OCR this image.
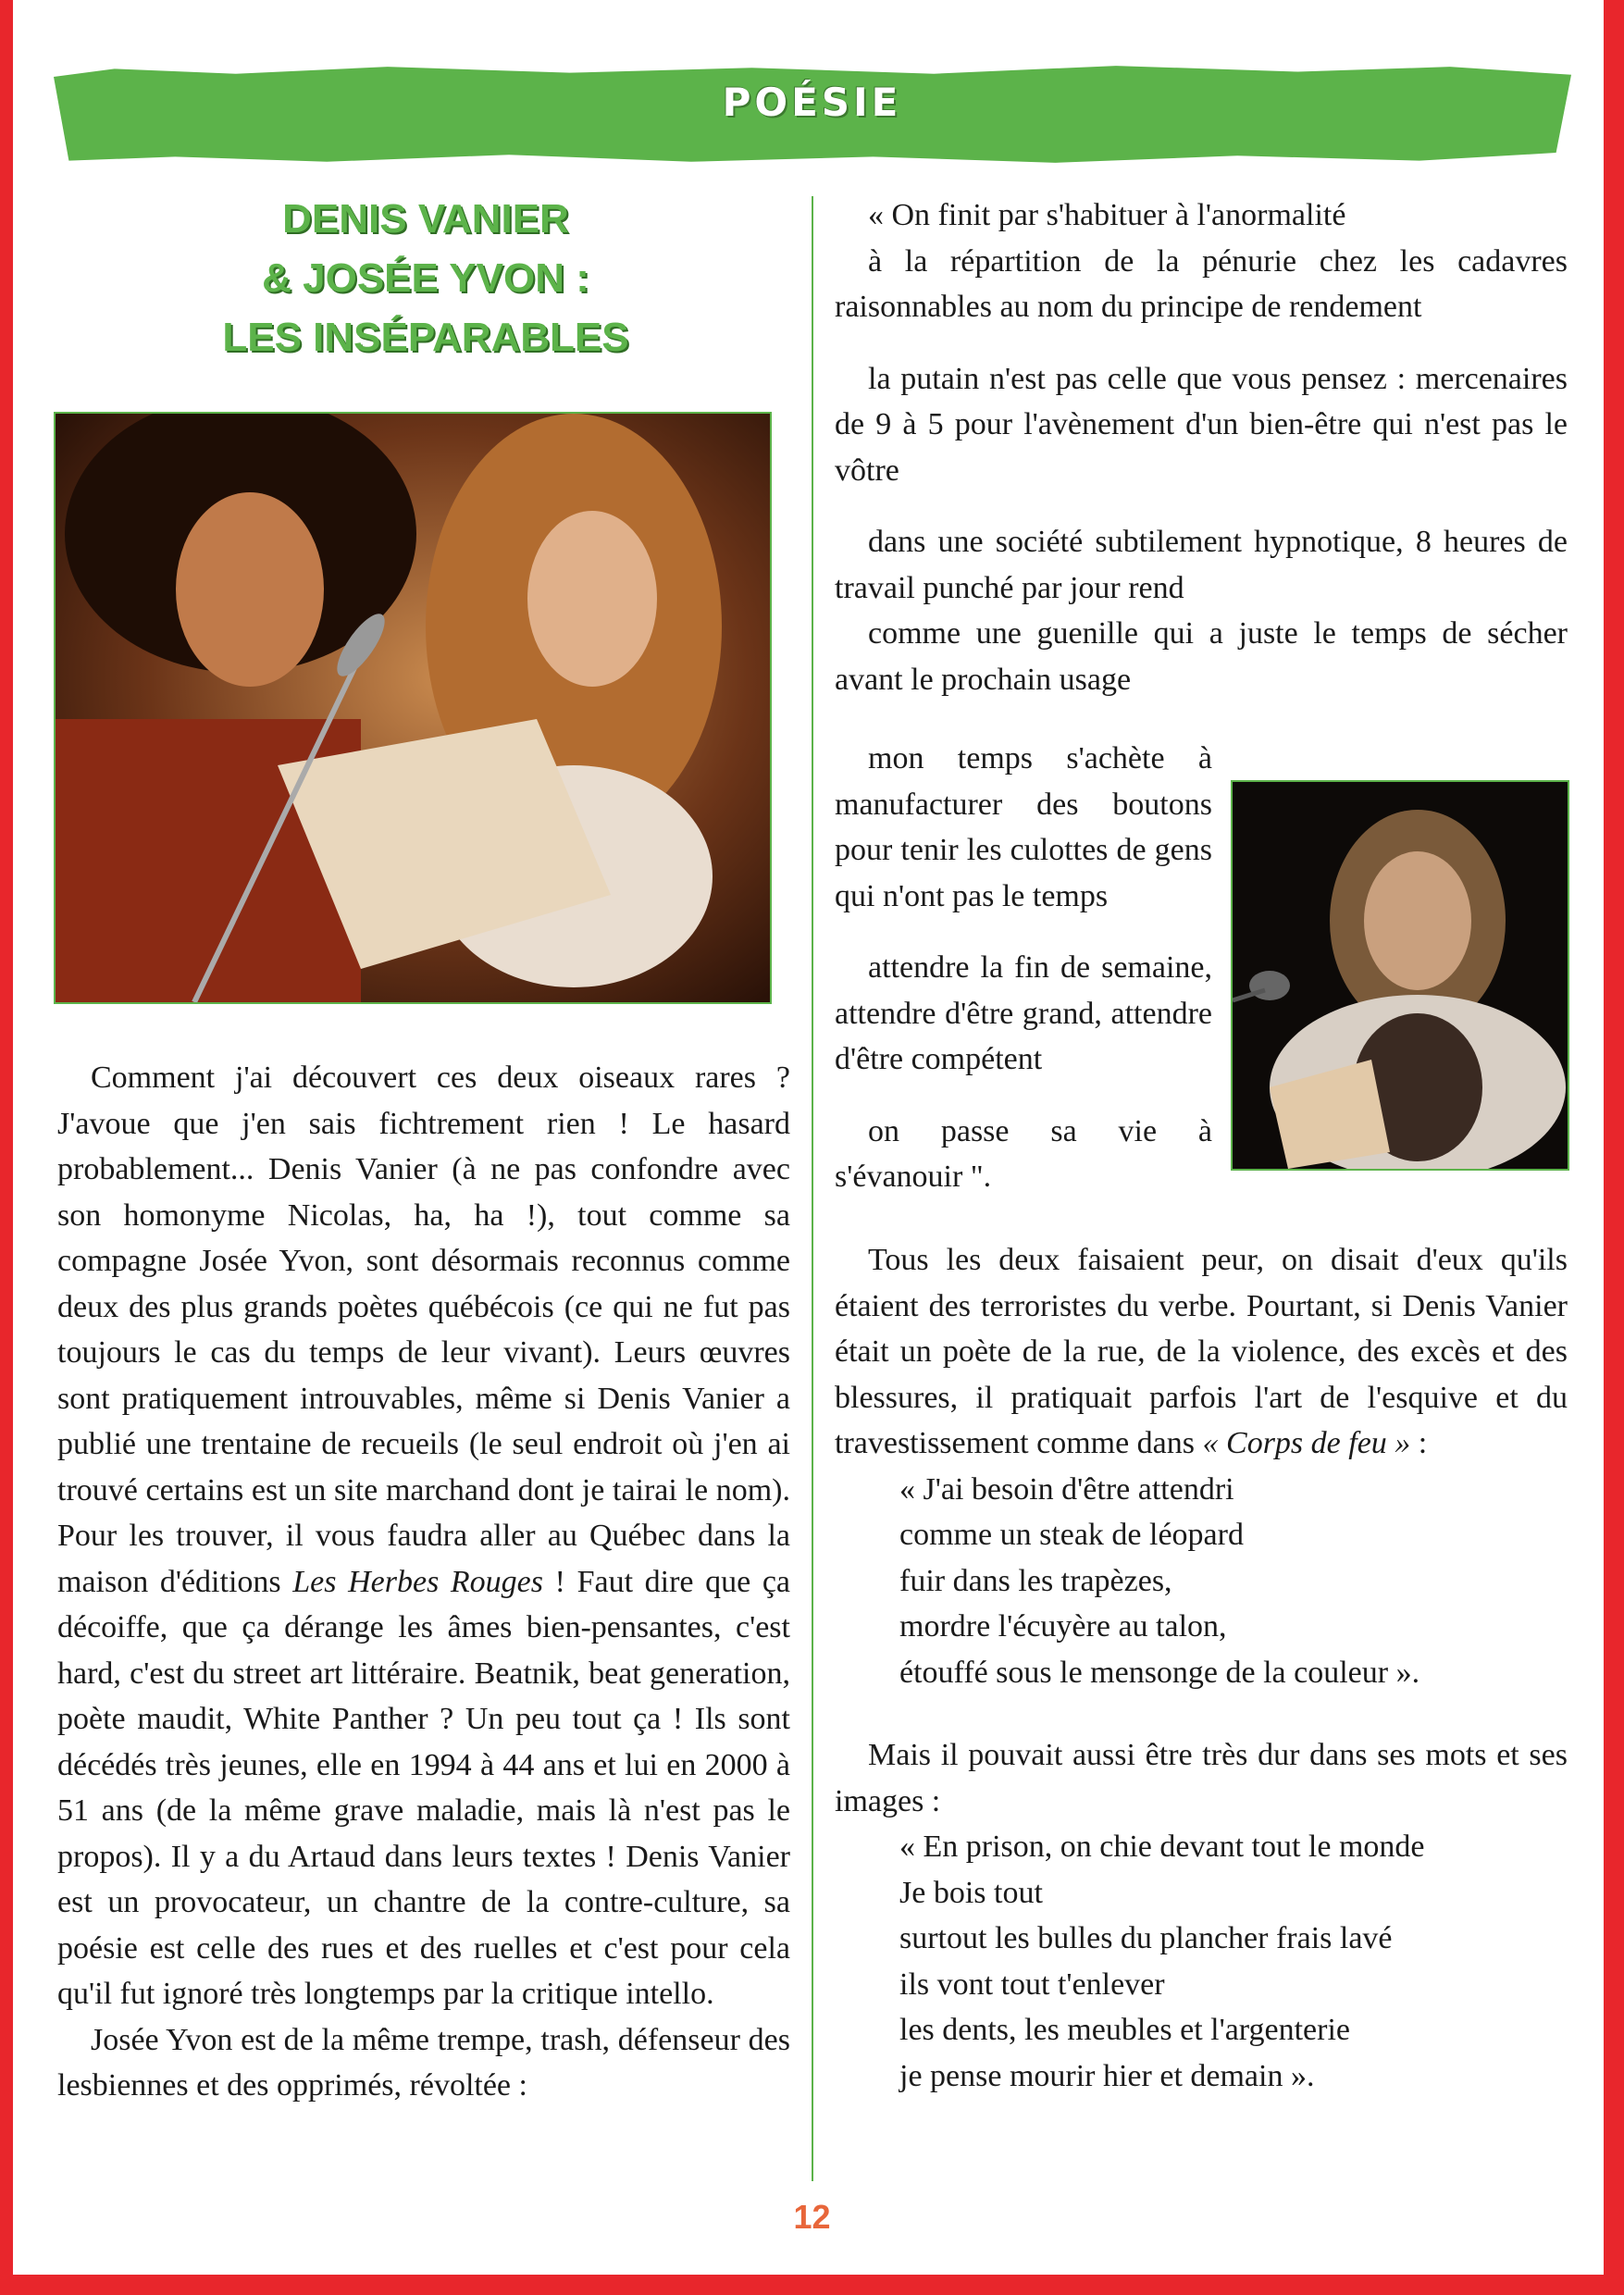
POÉSIE
DENIS VANIER
& JOSÉE YVON :
LES INSÉPARABLES

« On finit par s'habituer à l'anormalité

à la répartition de la pénurie chez les cadavres raisonnables au nom du principe de rendement

la putain n'est pas celle que vous pensez : mercenaires de 9 à 5 pour l'avènement d'un bien-être qui n'est pas le vôtre

dans une société subtilement hypnotique, 8 heures de travail punché par jour rend

comme une guenille qui a juste le temps de sécher avant le prochain usage

mon temps s'achète à manufacturer des boutons pour tenir les culottes de gens qui n'ont pas le temps

attendre la fin de semaine, attendre d'être grand, attendre d'être compétent

on passe sa vie à s'évanouir ".

Tous les deux faisaient peur, on disait d'eux qu'ils étaient des terroristes du verbe. Pourtant, si Denis Vanier était un poète de la rue, de la violence, des excès et des blessures, il pratiquait parfois l'art de l'esquive et du travestissement comme dans « Corps de feu » :

« J'ai besoin d'être attendri
comme un steak de léopard
fuir dans les trapèzes,
mordre l'écuyère au talon,
étouffé sous le mensonge de la couleur ».

Mais il pouvait aussi être très dur dans ses mots et ses images :

« En prison, on chie devant tout le monde
Je bois tout
surtout les bulles du plancher frais lavé
ils vont tout t'enlever
les dents, les meubles et l'argenterie
je pense mourir hier et demain ».

Comment j'ai découvert ces deux oiseaux rares ? J'avoue que j'en sais fichtrement rien ! Le hasard probablement... Denis Vanier (à ne pas confondre avec son homonyme Nicolas, ha, ha !), tout comme sa compagne Josée Yvon, sont désormais reconnus comme deux des plus grands poètes québécois (ce qui ne fut pas toujours le cas du temps de leur vivant). Leurs œuvres sont pratiquement introuvables, même si Denis Vanier a publié une trentaine de recueils (le seul endroit où j'en ai trouvé certains est un site marchand dont je tairai le nom). Pour les trouver, il vous faudra aller au Québec dans la maison d'éditions Les Herbes Rouges ! Faut dire que ça décoiffe, que ça dérange les âmes bien-pensantes, c'est hard, c'est du street art littéraire. Beatnik, beat generation, poète maudit, White Panther ? Un peu tout ça ! Ils sont décédés très jeunes, elle en 1994 à 44 ans et lui en 2000 à 51 ans (de la même grave maladie, mais là n'est pas le propos). Il y a du Artaud dans leurs textes ! Denis Vanier est un provocateur, un chantre de la contre-culture, sa poésie est celle des rues et des ruelles et c'est pour cela qu'il fut ignoré très longtemps par la critique intello.

Josée Yvon est de la même trempe, trash, défenseur des lesbiennes et des opprimés, révoltée :

12
